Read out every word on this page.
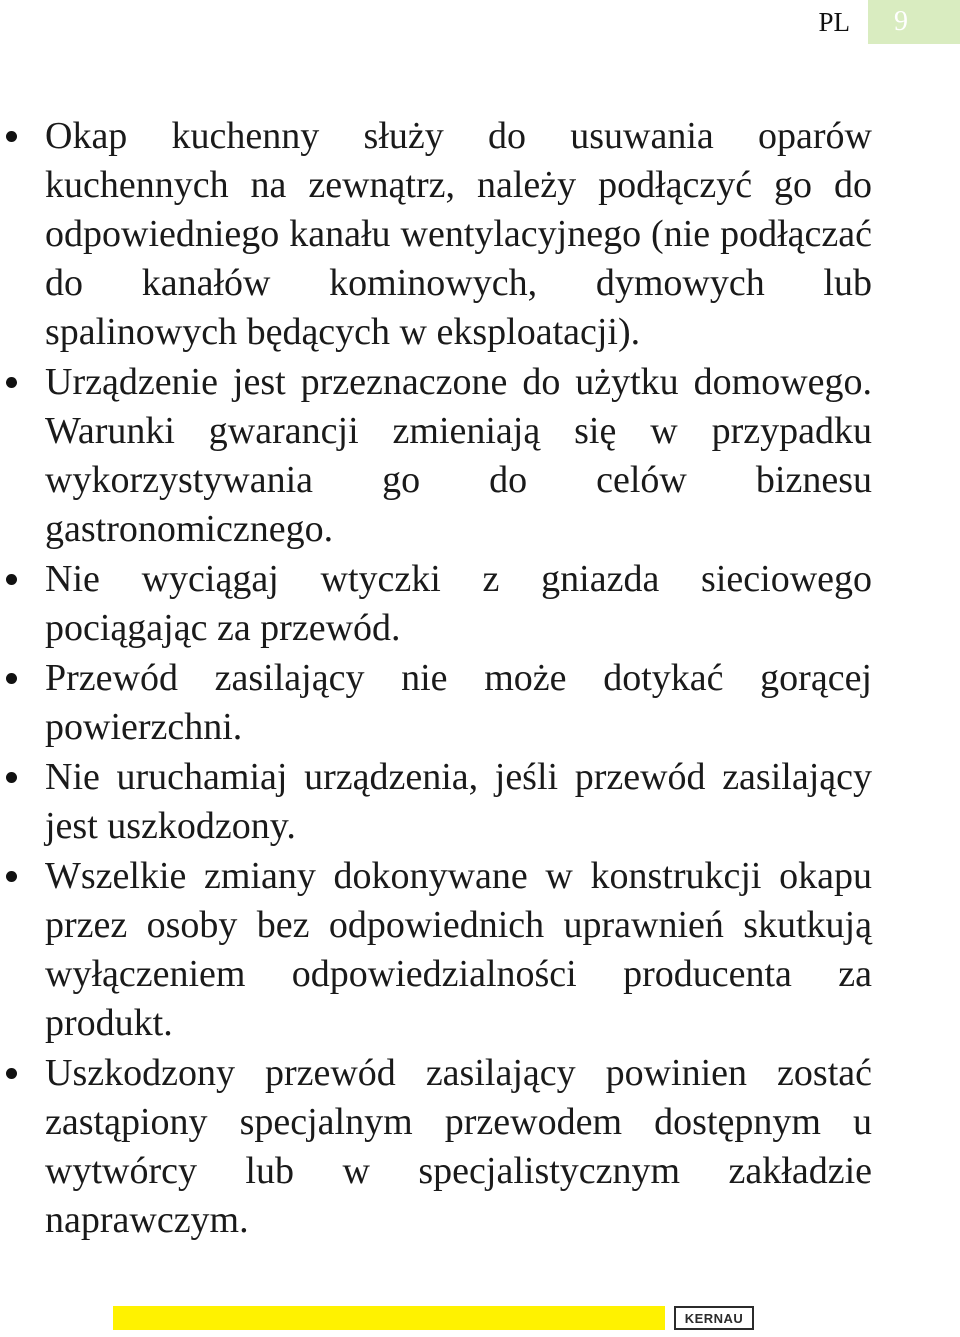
PL	9
Okap kuchenny służy do usuwania oparów kuchennych na zewnątrz, należy podłączyć go do odpowiedniego kanału wentylacyjnego (nie podłączać do kanałów kominowych, dymowych lub spalinowych będących w eksploatacji).
Urządzenie jest przeznaczone do użytku domowego. Warunki gwarancji zmieniają się w przypadku wykorzystywania go do celów biznesu gastronomicznego.
Nie wyciągaj wtyczki z gniazda sieciowego pociągając za przewód.
Przewód zasilający nie może dotykać gorącej powierzchni.
Nie uruchamiaj urządzenia, jeśli przewód zasilający jest uszkodzony.
Wszelkie zmiany dokonywane w konstrukcji okapu przez osoby bez odpowiednich uprawnień skutkują wyłączeniem odpowiedzialności producenta za produkt.
Uszkodzony przewód zasilający powinien zostać zastąpiony specjalnym przewodem dostępnym u wytwórcy lub w specjalistycznym zakładzie naprawczym.
KERNAU
